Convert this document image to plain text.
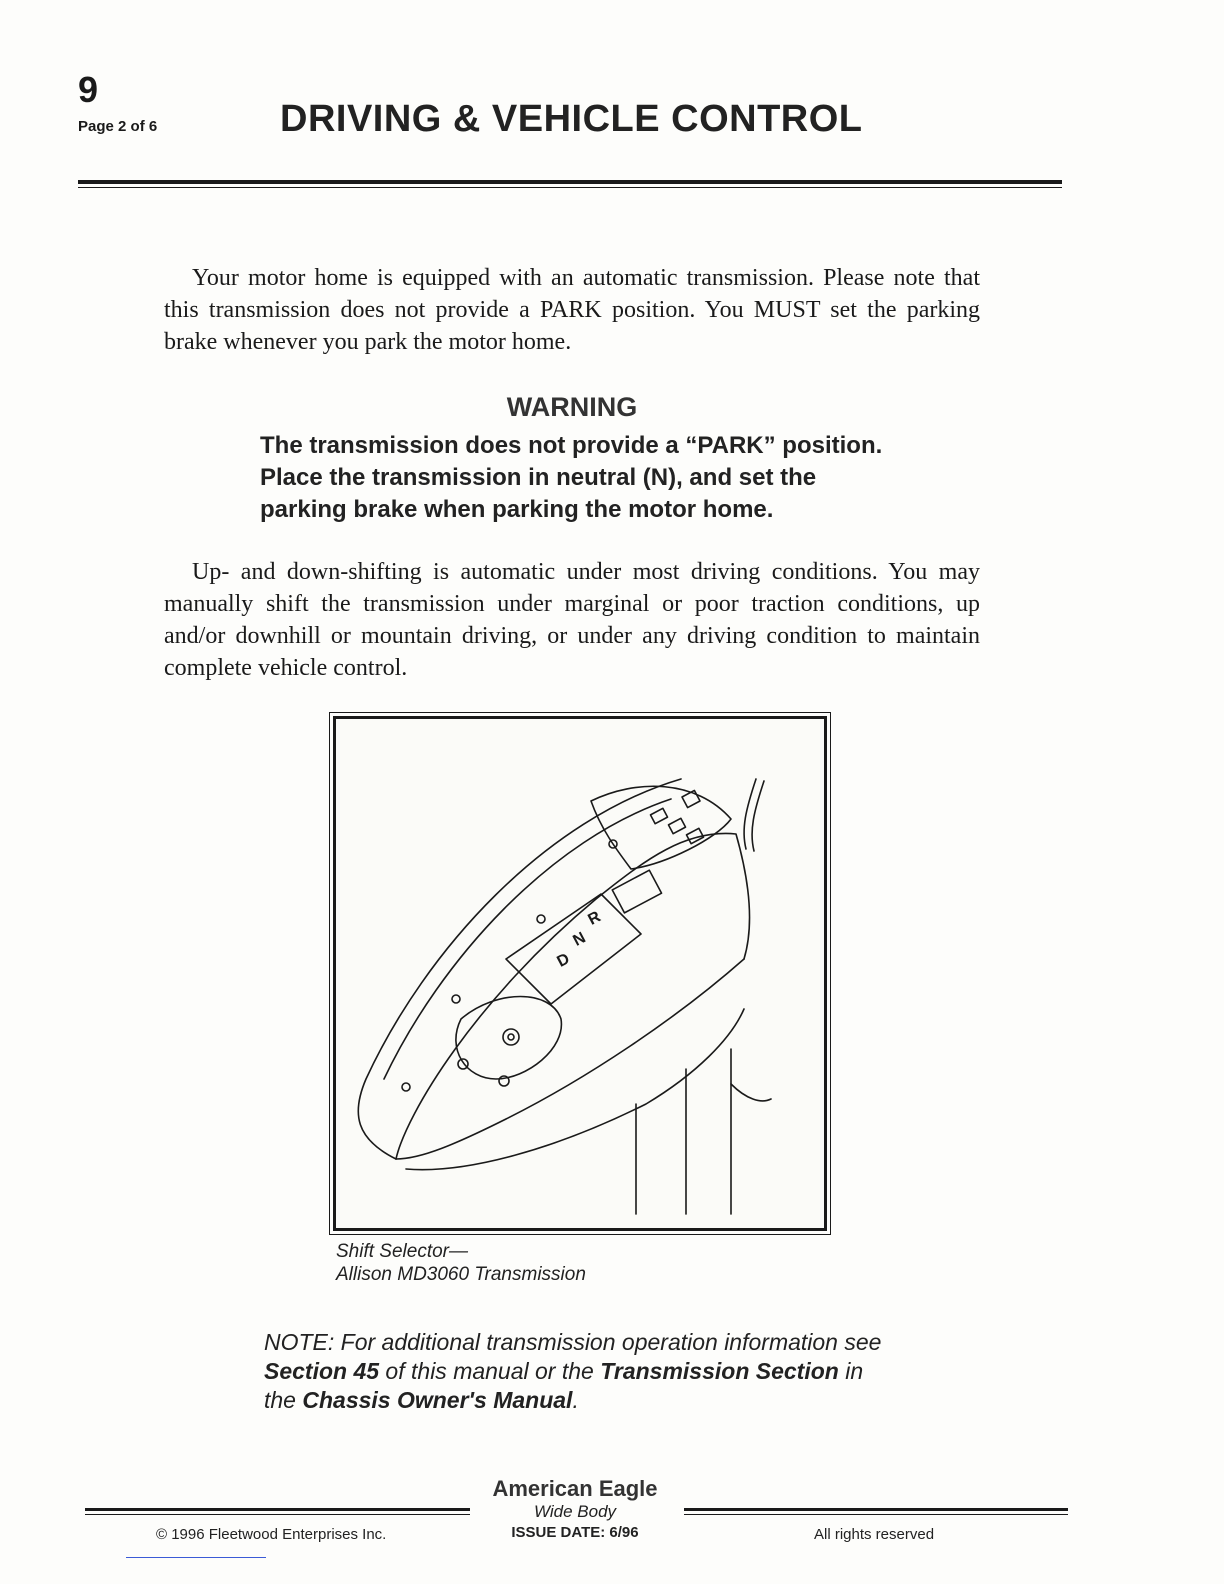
9
Page 2 of 6	DRIVING & VEHICLE CONTROL
Your motor home is equipped with an automatic transmission. Please note that this transmission does not provide a PARK position. You MUST set the parking brake whenever you park the motor home.
WARNING
The transmission does not provide a “PARK” position. Place the transmission in neutral (N), and set the parking brake when parking the motor home.
Up- and down-shifting is automatic under most driving conditions. You may manually shift the transmission under marginal or poor traction conditions, up and/or downhill or mountain driving, or under any driving condition to maintain complete vehicle control.
R
N
D
Shift Selector—
Allison MD3060 Transmission
NOTE: For additional transmission operation information see Section 45 of this manual or the Transmission Section in the Chassis Owner's Manual.
American Eagle
Wide Body
ISSUE DATE: 6/96
© 1996 Fleetwood Enterprises Inc.	All rights reserved
